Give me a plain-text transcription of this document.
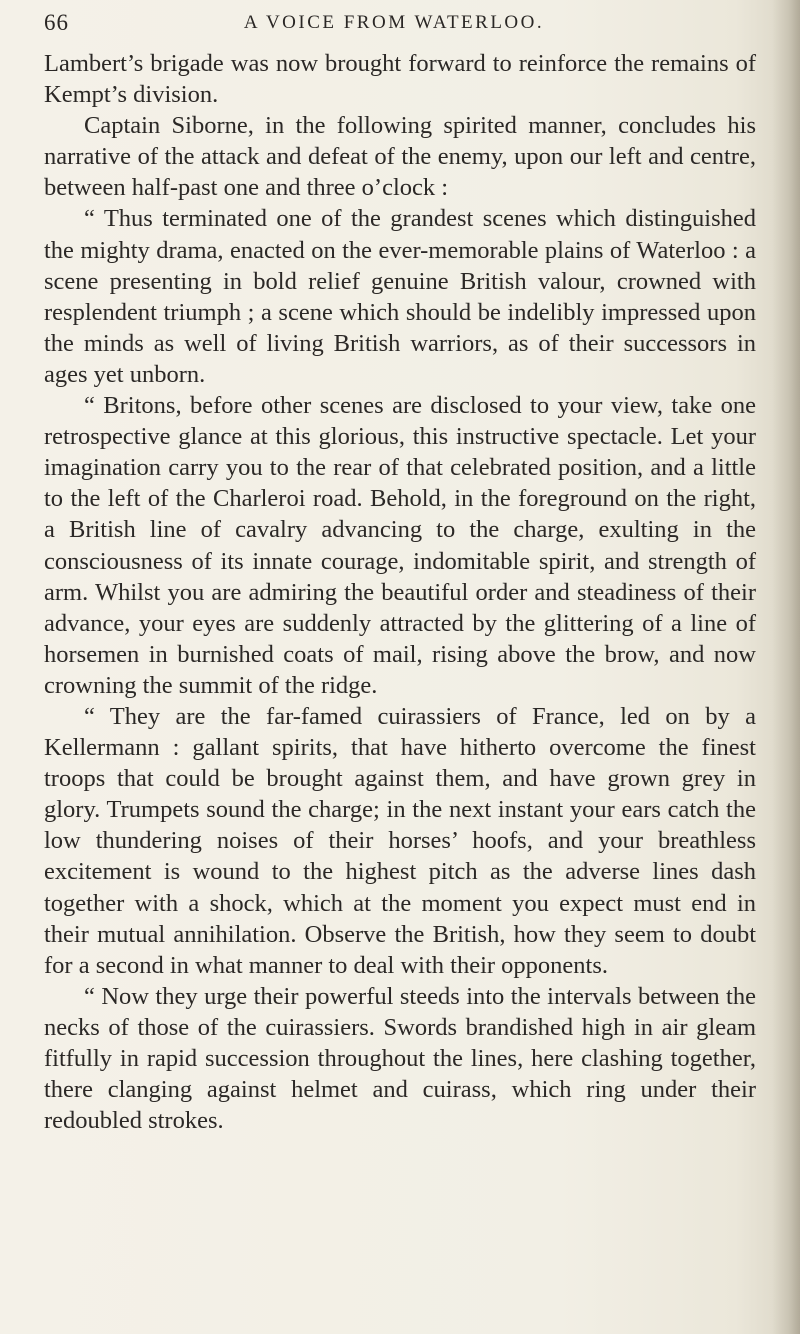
66	A VOICE FROM WATERLOO.

Lambert’s brigade was now brought forward to reinforce the remains of Kempt’s division.

Captain Siborne, in the following spirited manner, concludes his narrative of the attack and defeat of the enemy, upon our left and centre, between half-past one and three o’clock :

“ Thus terminated one of the grandest scenes which distinguished the mighty drama, enacted on the ever-memorable plains of Waterloo : a scene presenting in bold relief genuine British valour, crowned with resplendent triumph ; a scene which should be indelibly impressed upon the minds as well of living British warriors, as of their successors in ages yet unborn.

“ Britons, before other scenes are disclosed to your view, take one retrospective glance at this glorious, this instructive spectacle. Let your imagination carry you to the rear of that celebrated position, and a little to the left of the Charleroi road. Behold, in the foreground on the right, a British line of cavalry advancing to the charge, exulting in the consciousness of its innate courage, indomitable spirit, and strength of arm. Whilst you are admiring the beautiful order and steadiness of their advance, your eyes are suddenly attracted by the glittering of a line of horsemen in burnished coats of mail, rising above the brow, and now crowning the summit of the ridge.

“ They are the far-famed cuirassiers of France, led on by a Kellermann : gallant spirits, that have hitherto overcome the finest troops that could be brought against them, and have grown grey in glory. Trumpets sound the charge; in the next instant your ears catch the low thundering noises of their horses’ hoofs, and your breathless excitement is wound to the highest pitch as the adverse lines dash together with a shock, which at the moment you expect must end in their mutual annihilation. Observe the British, how they seem to doubt for a second in what manner to deal with their opponents.

“ Now they urge their powerful steeds into the intervals between the necks of those of the cuirassiers. Swords brandished high in air gleam fitfully in rapid succession throughout the lines, here clashing together, there clanging against helmet and cuirass, which ring under their redoubled strokes.
